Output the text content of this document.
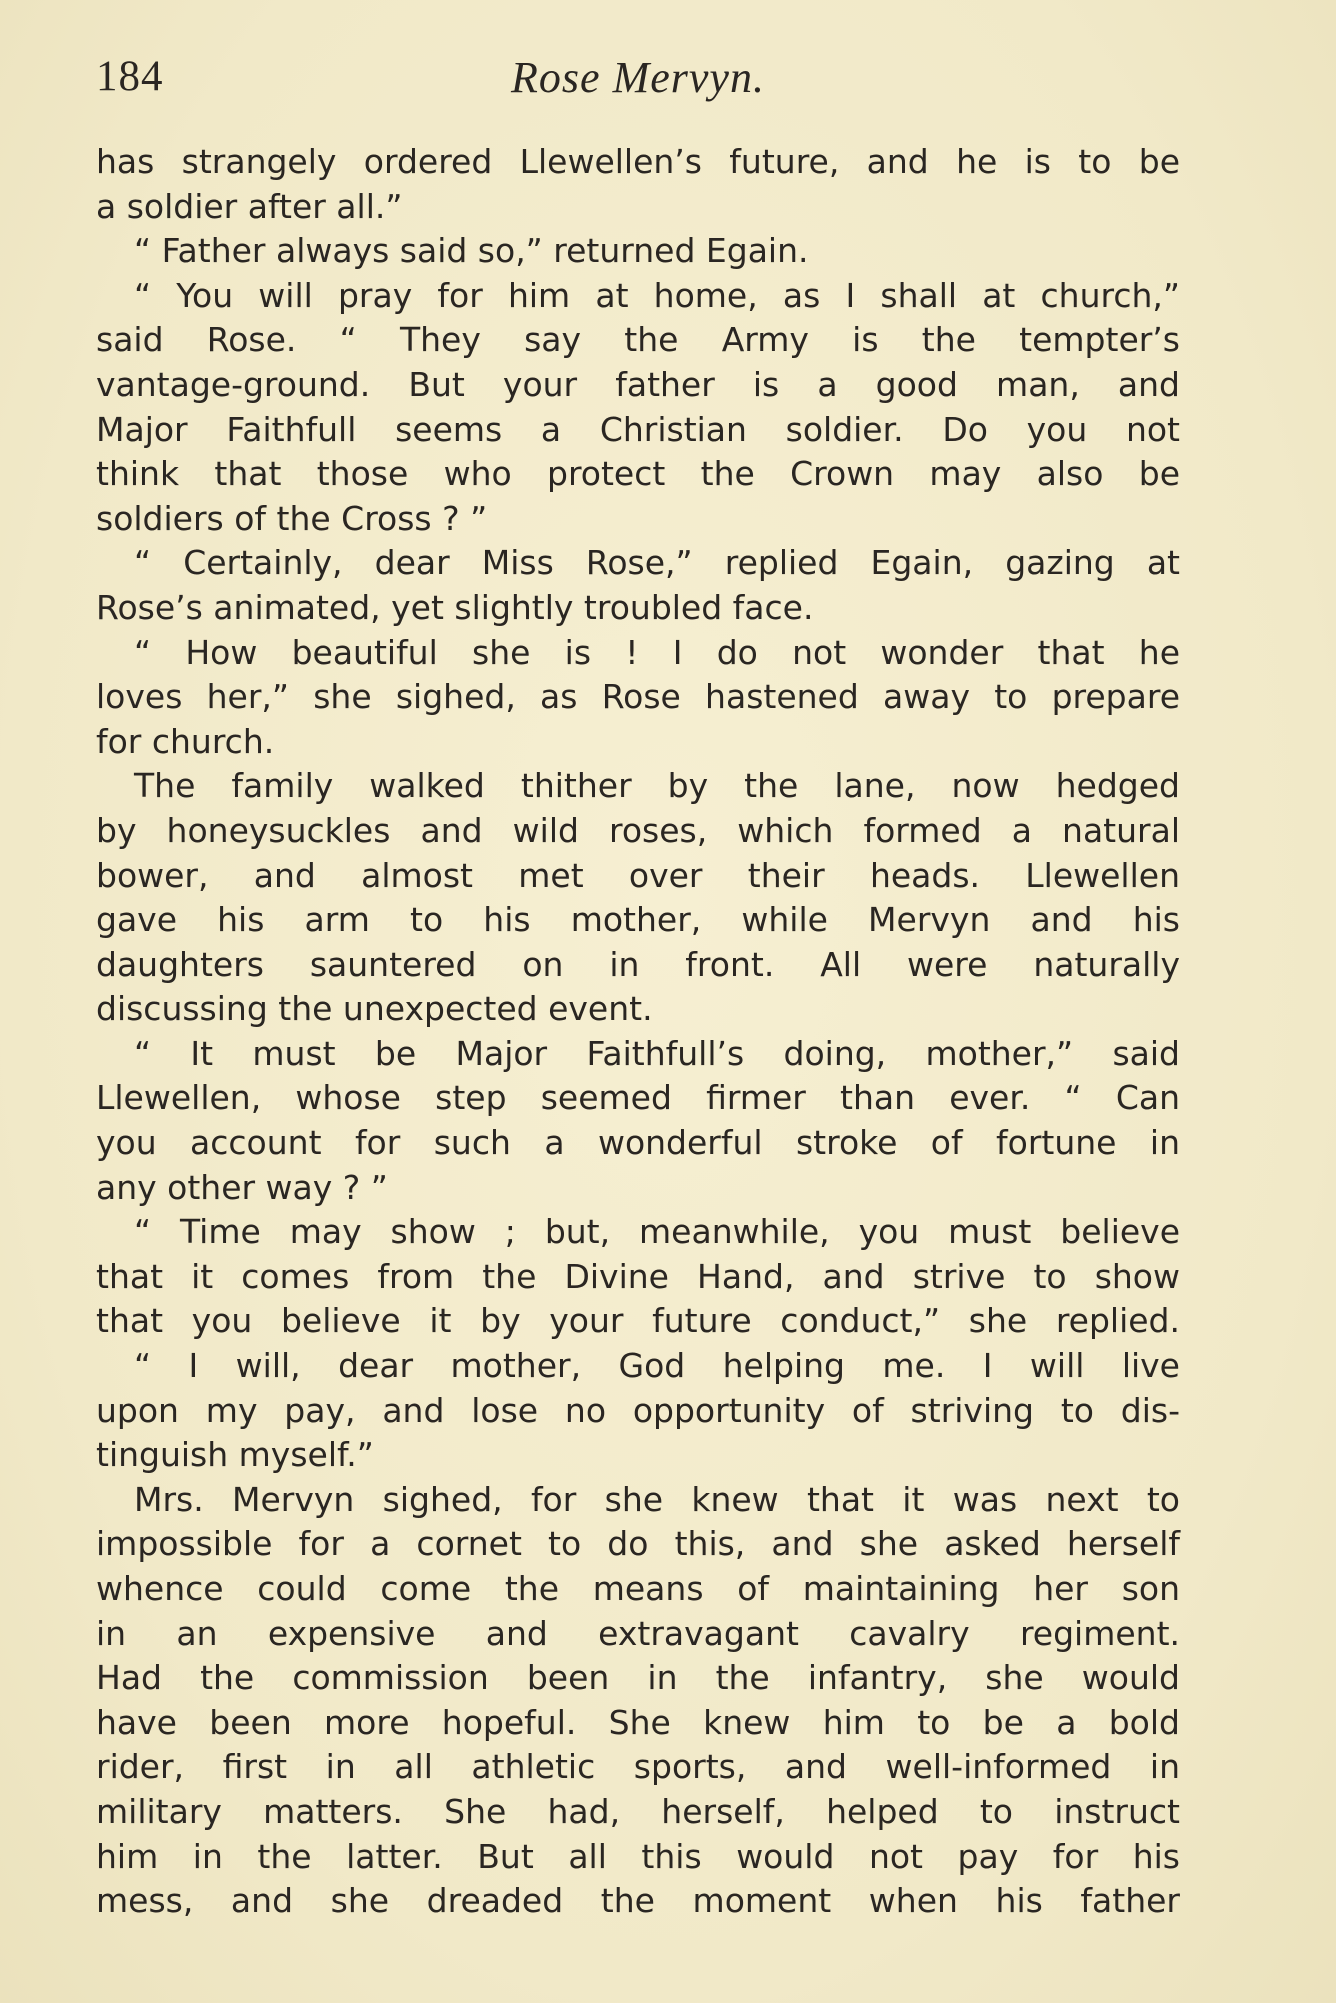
184	Rose Mervyn.
has strangely ordered Llewellen’s future, and he is to be
a soldier after all.”
“ Father always said so,” returned Egain.
“ You will pray for him at home, as I shall at church,”
said Rose. “ They say the Army is the tempter’s
vantage-ground. But your father is a good man, and
Major Faithfull seems a Christian soldier. Do you not
think that those who protect the Crown may also be
soldiers of the Cross ? ”
“ Certainly, dear Miss Rose,” replied Egain, gazing at
Rose’s animated, yet slightly troubled face.
“ How beautiful she is ! I do not wonder that he
loves her,” she sighed, as Rose hastened away to prepare
for church.
The family walked thither by the lane, now hedged
by honeysuckles and wild roses, which formed a natural
bower, and almost met over their heads. Llewellen
gave his arm to his mother, while Mervyn and his
daughters sauntered on in front. All were naturally
discussing the unexpected event.
“ It must be Major Faithfull’s doing, mother,” said
Llewellen, whose step seemed firmer than ever. “ Can
you account for such a wonderful stroke of fortune in
any other way ? ”
“ Time may show ; but, meanwhile, you must believe
that it comes from the Divine Hand, and strive to show
that you believe it by your future conduct,” she replied.
“ I will, dear mother, God helping me. I will live
upon my pay, and lose no opportunity of striving to dis-
tinguish myself.”
Mrs. Mervyn sighed, for she knew that it was next to
impossible for a cornet to do this, and she asked herself
whence could come the means of maintaining her son
in an expensive and extravagant cavalry regiment.
Had the commission been in the infantry, she would
have been more hopeful. She knew him to be a bold
rider, first in all athletic sports, and well-informed in
military matters. She had, herself, helped to instruct
him in the latter. But all this would not pay for his
mess, and she dreaded the moment when his father
